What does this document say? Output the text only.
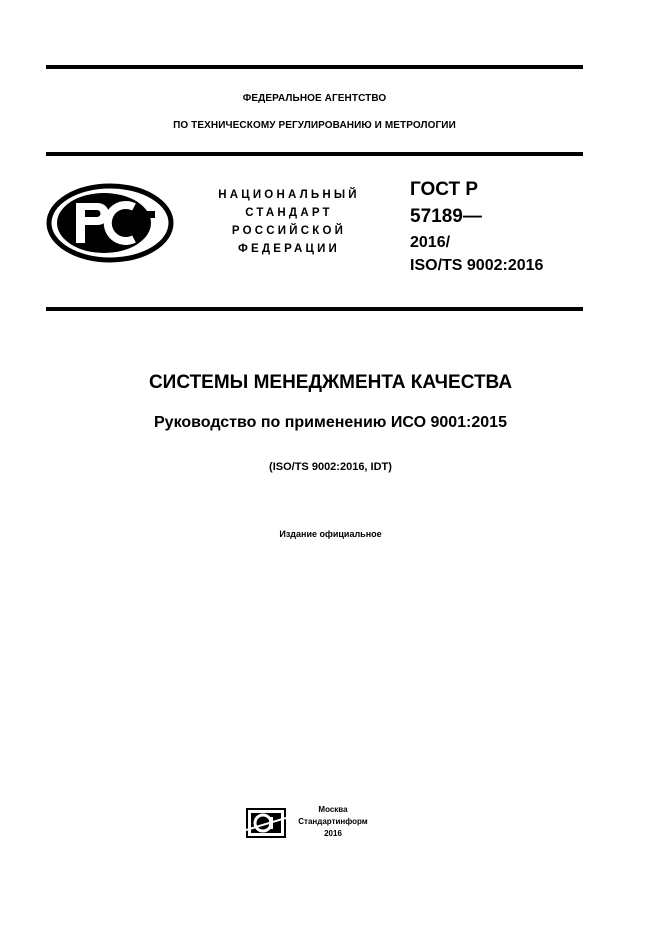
ФЕДЕРАЛЬНОЕ АГЕНТСТВО
ПО ТЕХНИЧЕСКОМУ РЕГУЛИРОВАНИЮ И МЕТРОЛОГИИ
НАЦИОНАЛЬНЫЙ
СТАНДАРТ
РОССИЙСКОЙ
ФЕДЕРАЦИИ
ГОСТ Р
57189—
2016/
ISO/TS 9002:2016
СИСТЕМЫ МЕНЕДЖМЕНТА КАЧЕСТВА
Руководство по применению ИСО 9001:2015
(ISO/TS 9002:2016, IDT)
Издание официальное
Москва
Стандартинформ
2016
